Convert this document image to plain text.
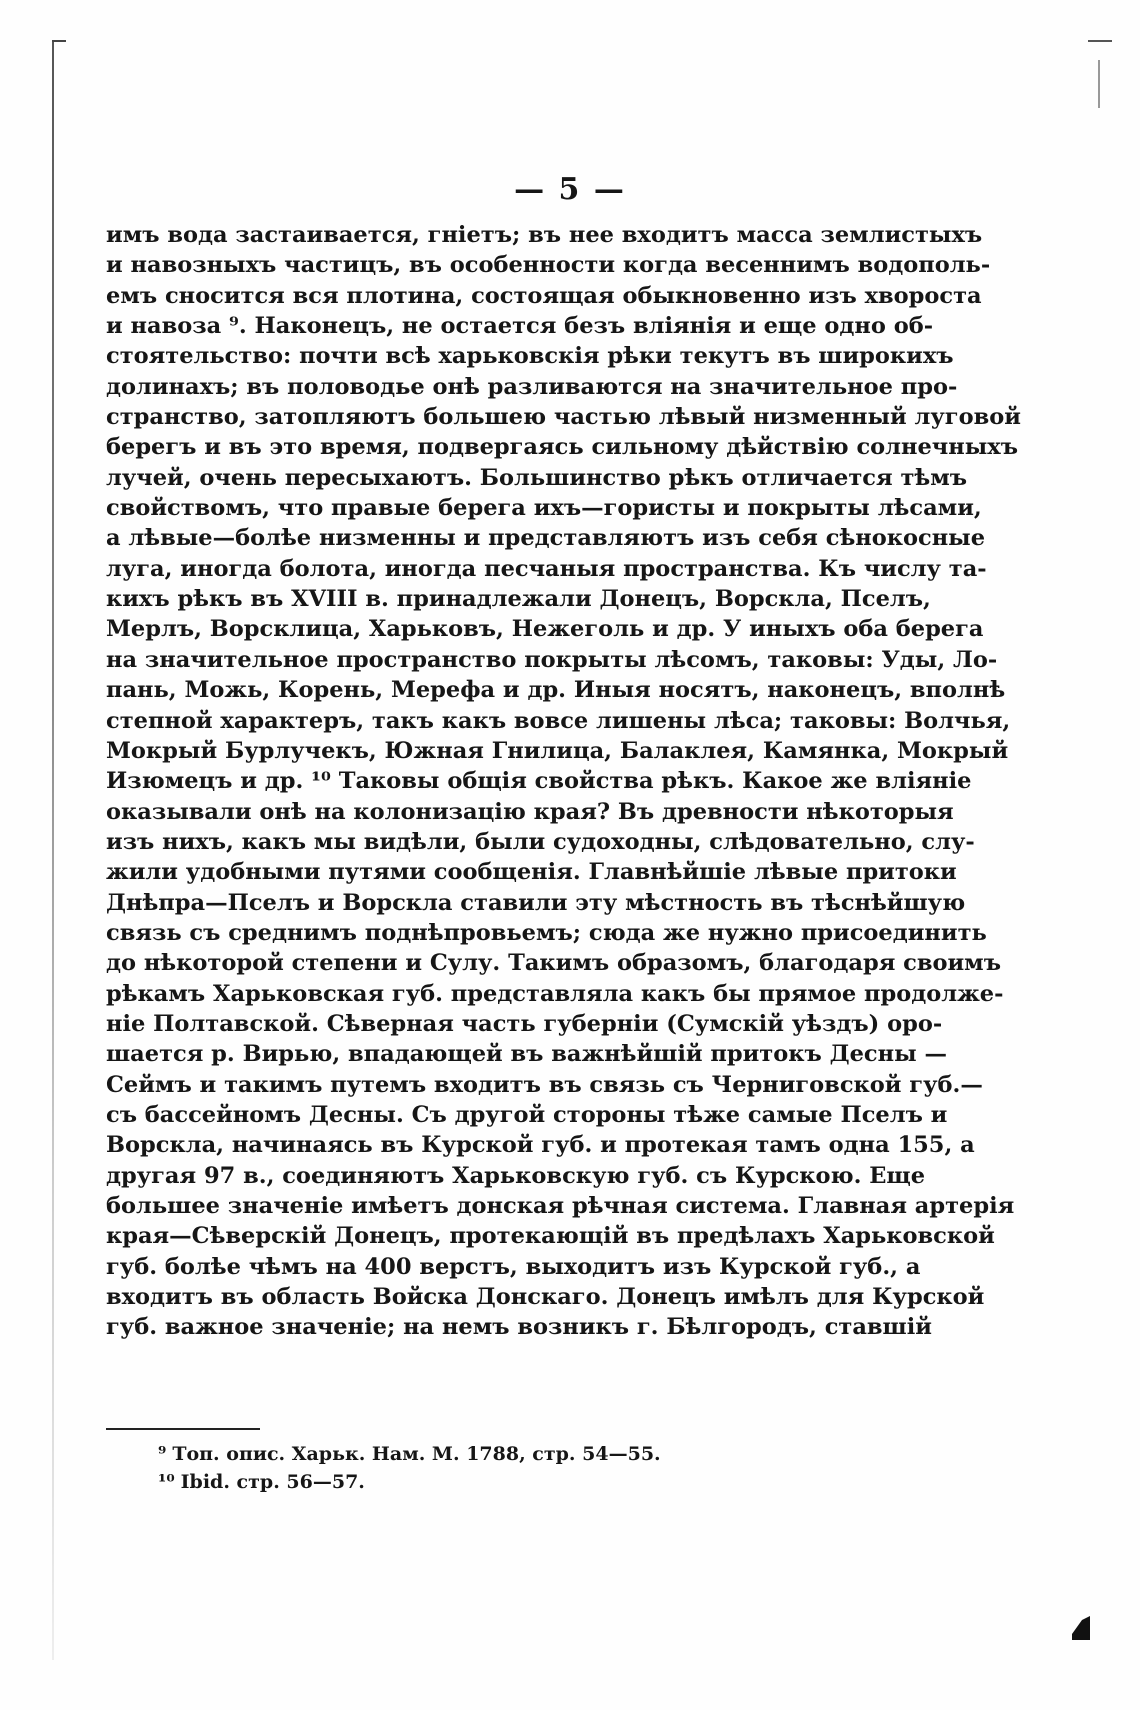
— 5 —
имъ вода застаивается, гніетъ; въ нее входитъ масса землистыхъ
и навозныхъ частицъ, въ особенности когда весеннимъ водополь-
емъ сносится вся плотина, состоящая обыкновенно изъ хвороста
и навоза ⁹. Наконецъ, не остается безъ вліянія и еще одно об-
стоятельство: почти всѣ харьковскія рѣки текутъ въ широкихъ
долинахъ; въ половодье онѣ разливаются на значительное про-
странство, затопляютъ большею частью лѣвый низменный луговой
берегъ и въ это время, подвергаясь сильному дѣйствію солнечныхъ
лучей, очень пересыхаютъ. Большинство рѣкъ отличается тѣмъ
свойствомъ, что правые берега ихъ—гористы и покрыты лѣсами,
а лѣвые—болѣе низменны и представляютъ изъ себя сѣнокосные
луга, иногда болота, иногда песчаныя пространства. Къ числу та-
кихъ рѣкъ въ XVIII в. принадлежали Донецъ, Ворскла, Пселъ,
Мерлъ, Ворсклица, Харьковъ, Нежеголь и др. У иныхъ оба берега
на значительное пространство покрыты лѣсомъ, таковы: Уды, Ло-
пань, Можь, Корень, Мерефа и др. Иныя носятъ, наконецъ, вполнѣ
степной характеръ, такъ какъ вовсе лишены лѣса; таковы: Волчья,
Мокрый Бурлучекъ, Южная Гнилица, Балаклея, Камянка, Мокрый
Изюмецъ и др. ¹⁰ Таковы общія свойства рѣкъ. Какое же вліяніе
оказывали онѣ на колонизацію края? Въ древности нѣкоторыя
изъ нихъ, какъ мы видѣли, были судоходны, слѣдовательно, слу-
жили удобными путями сообщенія. Главнѣйшіе лѣвые притоки
Днѣпра—Пселъ и Ворскла ставили эту мѣстность въ тѣснѣйшую
связь съ среднимъ поднѣпровьемъ; сюда же нужно присоединить
до нѣкоторой степени и Сулу. Такимъ образомъ, благодаря своимъ
рѣкамъ Харьковская губ. представляла какъ бы прямое продолже-
ніе Полтавской. Сѣверная часть губерніи (Сумскій уѣздъ) оро-
шается р. Вирью, впадающей въ важнѣйшій притокъ Десны —
Сеймъ и такимъ путемъ входитъ въ связь съ Черниговской губ.—
съ бассейномъ Десны. Съ другой стороны тѣже самые Пселъ и
Ворскла, начинаясь въ Курской губ. и протекая тамъ одна 155, а
другая 97 в., соединяютъ Харьковскую губ. съ Курскою. Еще
большее значеніе имѣетъ донская рѣчная система. Главная артерія
края—Сѣверскій Донецъ, протекающій въ предѣлахъ Харьковской
губ. болѣе чѣмъ на 400 верстъ, выходитъ изъ Курской губ., а
входитъ въ область Войска Донскаго. Донецъ имѣлъ для Курской
губ. важное значеніе; на немъ возникъ г. Бѣлгородъ, ставшій
⁹ Топ. опис. Харьк. Нам. М. 1788, стр. 54—55.
¹⁰ Ibid. стр. 56—57.
